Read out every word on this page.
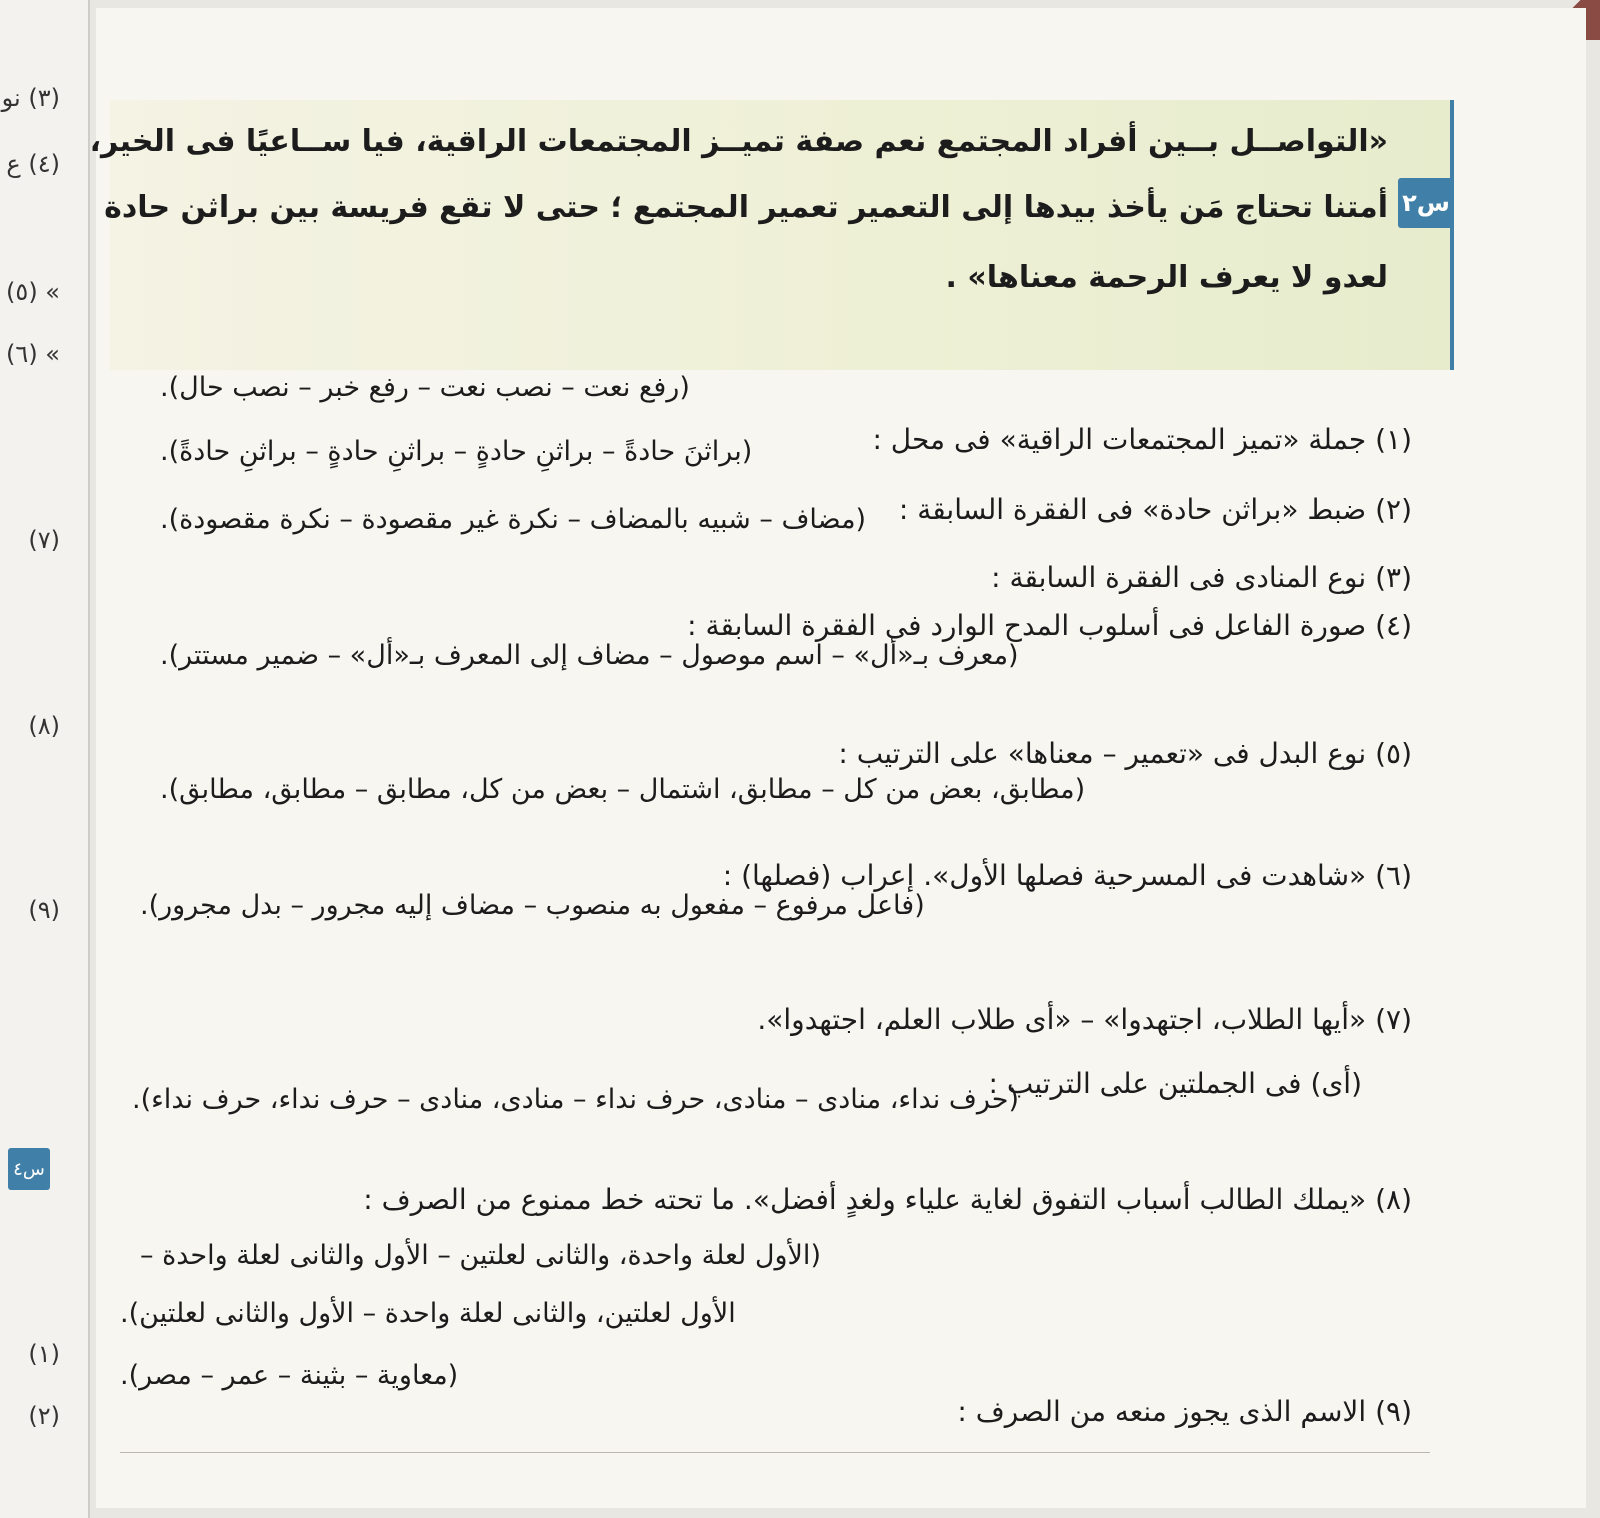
(٣) نو
(٤) ع
» (٥)
» (٦)
(٧)
(٨)
(٩)
(١)
(٢)
س٤
س٢
«التواصــل بــين أفراد المجتمع نعم صفة تميــز المجتمعات الراقية، فيا ســاعيًا فى الخير،
أمتنا تحتاج مَن يأخذ بيدها إلى التعمير تعمير المجتمع ؛ حتى لا تقع فريسة بين براثن حادة
لعدو لا يعرف الرحمة معناها» .
(١) جملة «تميز المجتمعات الراقية» فى محل :
(رفع نعت – نصب نعت – رفع خبر – نصب حال).
(٢) ضبط «براثن حادة» فى الفقرة السابقة :
(براثنَ حادةً – براثنِ حادةٍ – براثنِ حادةٍ – براثنِ حادةً).
(٣) نوع المنادى فى الفقرة السابقة :
(مضاف – شبيه بالمضاف – نكرة غير مقصودة – نكرة مقصودة).
(٤) صورة الفاعل فى أسلوب المدح الوارد فى الفقرة السابقة :
(معرف بـ«أل» – اسم موصول – مضاف إلى المعرف بـ«أل» – ضمير مستتر).
(٥) نوع البدل فى «تعمير – معناها» على الترتيب :
(مطابق، بعض من كل – مطابق، اشتمال – بعض من كل، مطابق – مطابق، مطابق).
(٦) «شاهدت فى المسرحية فصلها الأول». إعراب (فصلها) :
(فاعل مرفوع – مفعول به منصوب – مضاف إليه مجرور – بدل مجرور).
(٧) «أيها الطلاب، اجتهدوا» – «أى طلاب العلم، اجتهدوا».
(أى) فى الجملتين على الترتيب :
(حرف نداء، منادى – منادى، حرف نداء – منادى، منادى – حرف نداء، حرف نداء).
(٨) «يملك الطالب أسباب التفوق لغاية علياء ولغدٍ أفضل». ما تحته خط ممنوع من الصرف :
(الأول لعلة واحدة، والثانى لعلتين – الأول والثانى لعلة واحدة –
الأول لعلتين، والثانى لعلة واحدة – الأول والثانى لعلتين).
(معاوية – بثينة – عمر – مصر).
(٩) الاسم الذى يجوز منعه من الصرف :
